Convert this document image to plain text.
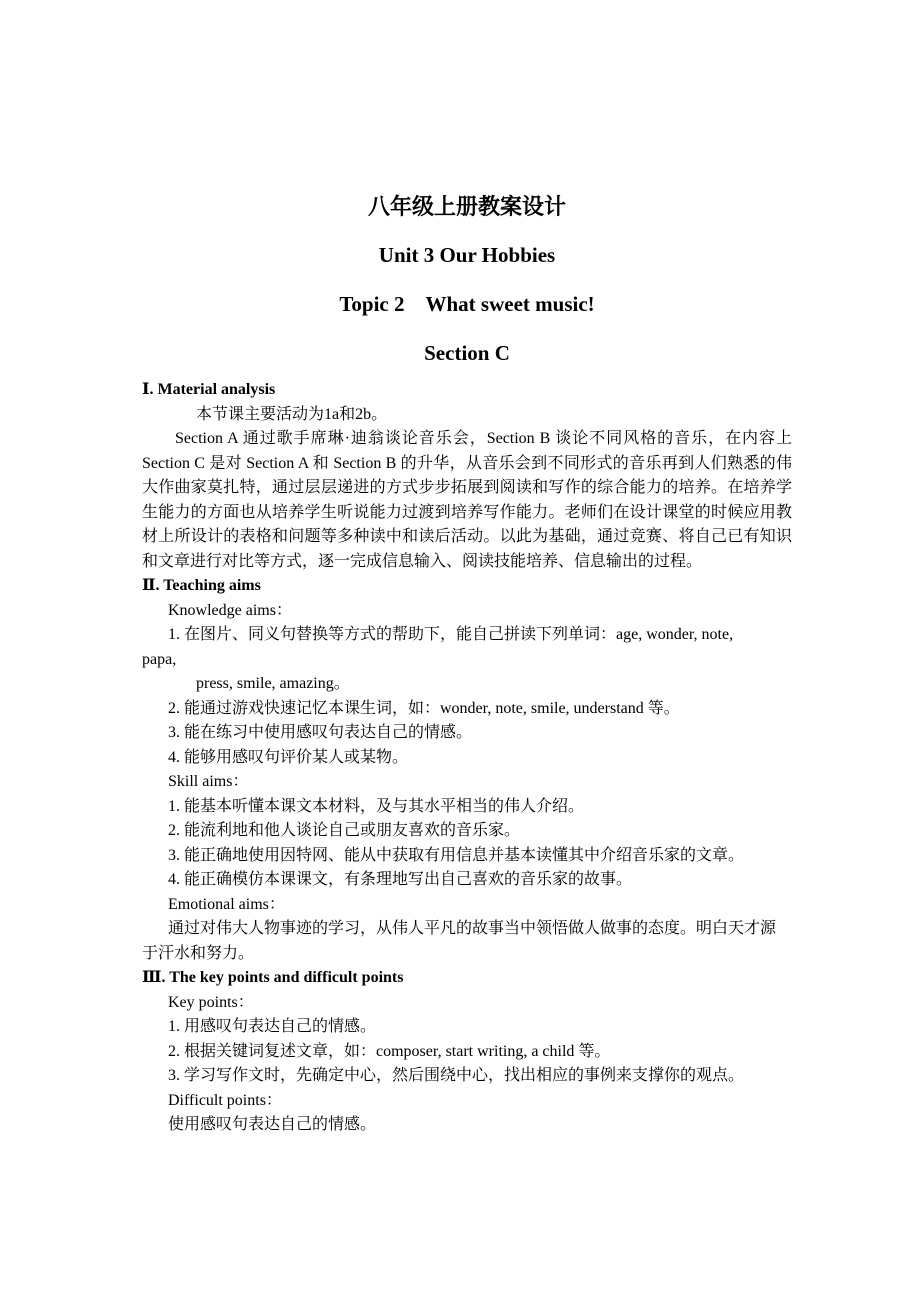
八年级上册教案设计
Unit 3 Our Hobbies
Topic 2　What sweet music!
Section C
Ⅰ. Material analysis
本节课主要活动为1a和2b。
Section A 通过歌手席琳·迪翁谈论音乐会，Section B 谈论不同风格的音乐，在内容上 Section C 是对 Section A 和 Section B 的升华，从音乐会到不同形式的音乐再到人们熟悉的伟大作曲家莫扎特，通过层层递进的方式步步拓展到阅读和写作的综合能力的培养。在培养学生能力的方面也从培养学生听说能力过渡到培养写作能力。老师们在设计课堂的时候应用教材上所设计的表格和问题等多种读中和读后活动。以此为基础，通过竞赛、将自己已有知识和文章进行对比等方式，逐一完成信息输入、阅读技能培养、信息输出的过程。
Ⅱ. Teaching aims
Knowledge aims：
1. 在图片、同义句替换等方式的帮助下，能自己拼读下列单词：age, wonder, note,
papa,
press, smile, amazing。
2. 能通过游戏快速记忆本课生词，如：wonder, note, smile, understand 等。
3. 能在练习中使用感叹句表达自己的情感。
4. 能够用感叹句评价某人或某物。
Skill aims：
1. 能基本听懂本课文本材料，及与其水平相当的伟人介绍。
2. 能流利地和他人谈论自己或朋友喜欢的音乐家。
3. 能正确地使用因特网、能从中获取有用信息并基本读懂其中介绍音乐家的文章。
4. 能正确模仿本课课文，有条理地写出自己喜欢的音乐家的故事。
Emotional aims：
通过对伟大人物事迹的学习，从伟人平凡的故事当中领悟做人做事的态度。明白天才源
于汗水和努力。
Ⅲ. The key points and difficult points
Key points：
1. 用感叹句表达自己的情感。
2. 根据关键词复述文章，如：composer, start writing, a child 等。
3. 学习写作文时，先确定中心，然后围绕中心，找出相应的事例来支撑你的观点。
Difficult points：
使用感叹句表达自己的情感。
